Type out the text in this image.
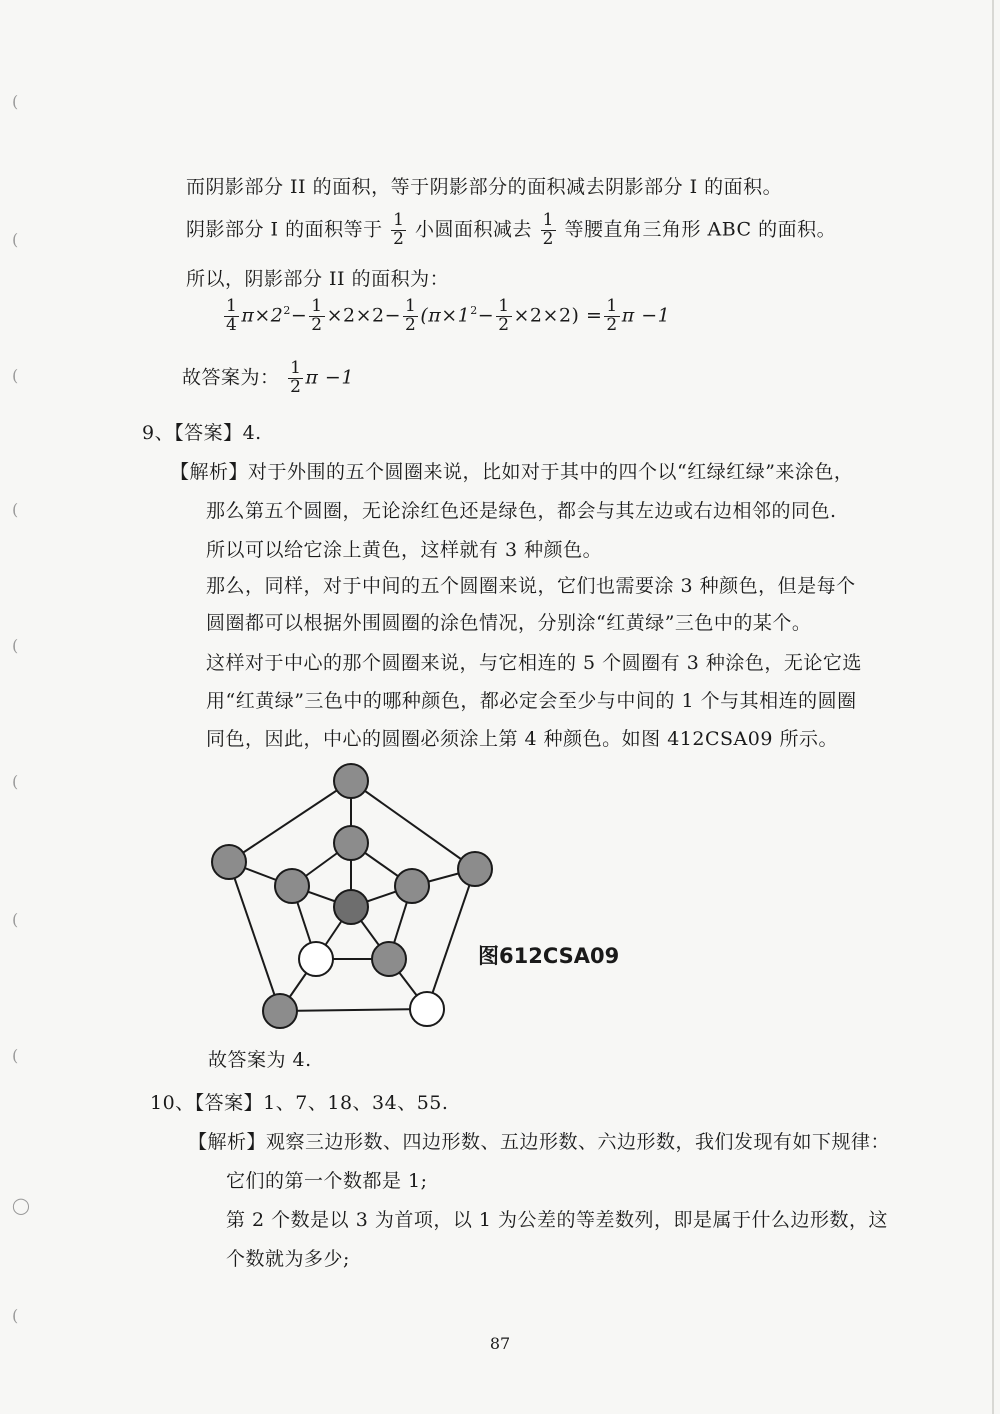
(
(
(
(
(
(
(
(
◯
(
而阴影部分 II 的面积，等于阴影部分的面积减去阴影部分 I 的面积。
阴影部分 I 的面积等于 $\frac{1}{2}$ 小圆面积减去 $\frac{1}{2}$ 等腰直角三角形 ABC 的面积。
所以，阴影部分 II 的面积为：
$\frac{1}{4} \pi\times 2^2- \frac{1}{2} \times 2\times 2- \frac{1}{2} (\pi\times 1^2- \frac{1}{2} \times 2\times 2) = \frac{1}{2}$ π −1
故答案为： $\frac{1}{2}$ π −1
9、【答案】4.
【解析】对于外围的五个圆圈来说，比如对于其中的四个以“红绿红绿”来涂色，
那么第五个圆圈，无论涂红色还是绿色，都会与其左边或右边相邻的同色.
所以可以给它涂上黄色，这样就有 3 种颜色。
那么，同样，对于中间的五个圆圈来说，它们也需要涂 3 种颜色，但是每个
圆圈都可以根据外围圆圈的涂色情况，分别涂“红黄绿”三色中的某个。
这样对于中心的那个圆圈来说，与它相连的 5 个圆圈有 3 种涂色，无论它选
用“红黄绿”三色中的哪种颜色，都必定会至少与中间的 1 个与其相连的圆圈
同色，因此，中心的圆圈必须涂上第 4 种颜色。如图 412CSA09 所示。
图612CSA09
故答案为 4.
10、【答案】1、7、18、34、55.
【解析】观察三边形数、四边形数、五边形数、六边形数，我们发现有如下规律：
它们的第一个数都是 1;
第 2 个数是以 3 为首项，以 1 为公差的等差数列，即是属于什么边形数，这
个数就为多少;
87
